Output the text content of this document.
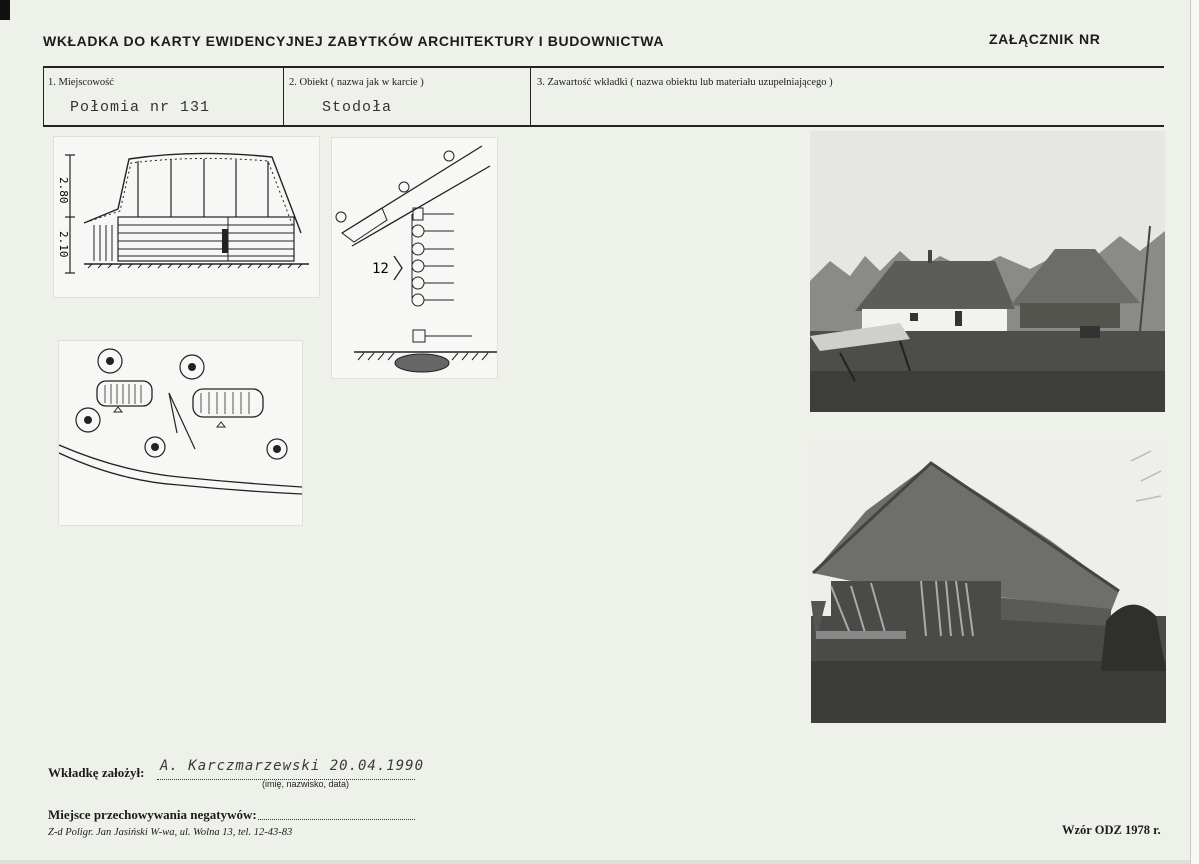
WKŁADKA DO KARTY EWIDENCYJNEJ ZABYTKÓW ARCHITEKTURY I BUDOWNICTWA	ZAŁĄCZNIK NR
1. Miejscowość
Połomia nr 131
2. Obiekt ( nazwa jak w karcie )
Stodoła
3. Zawartość wkładki ( nazwa obiektu lub materiału uzupełniającego )
2.80
2.10
12
Wkładkę założył: A. Karczmarzewski 20.04.1990
(imię, nazwisko, data)
Miejsce przechowywania negatywów:
Z-d Poligr. Jan Jasiński W-wa, ul. Wolna 13, tel. 12-43-83	Wzór ODZ 1978 r.
